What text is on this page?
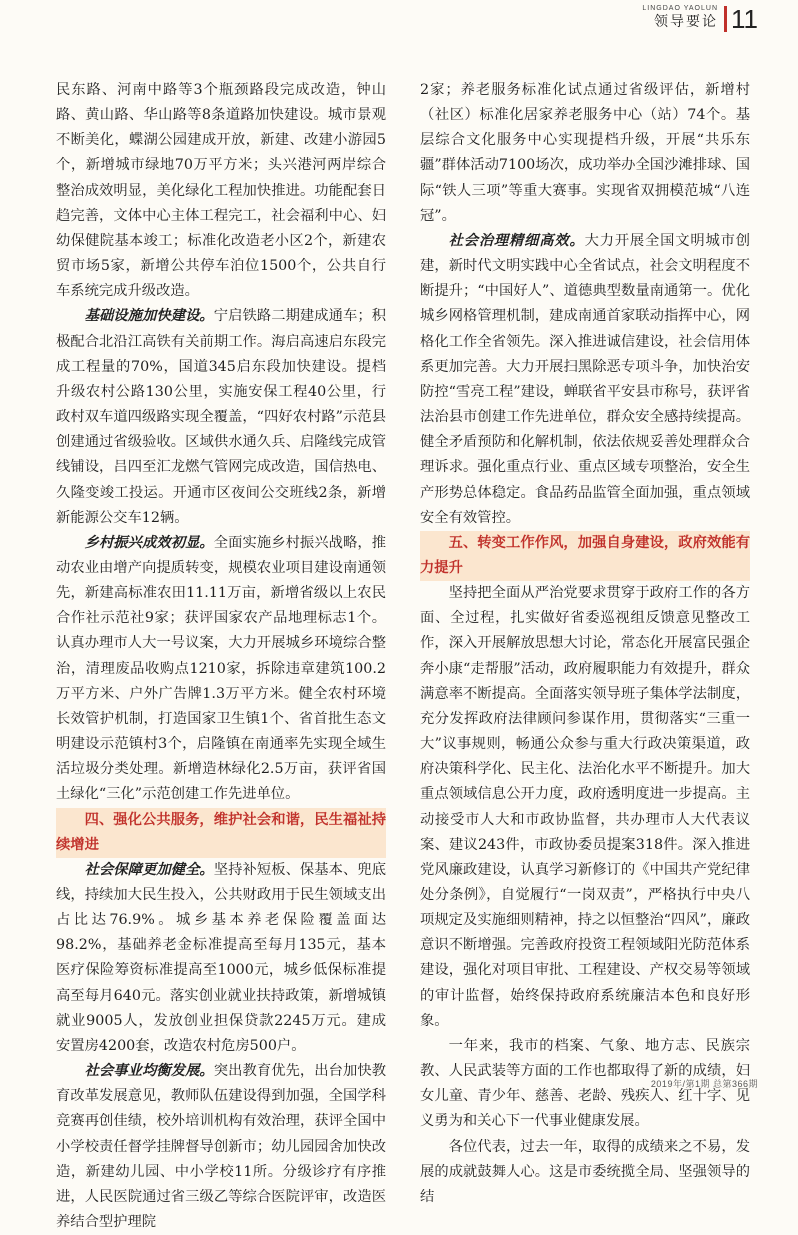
LINGDAO YAOLUN
领导要论 11

民东路、河南中路等3个瓶颈路段完成改造，钟山路、黄山路、华山路等8条道路加快建设。城市景观不断美化，蝶湖公园建成开放，新建、改建小游园5个，新增城市绿地70万平方米；头兴港河两岸综合整治成效明显，美化绿化工程加快推进。功能配套日趋完善，文体中心主体工程完工，社会福利中心、妇幼保健院基本竣工；标准化改造老小区2个，新建农贸市场5家，新增公共停车泊位1500个，公共自行车系统完成升级改造。

基础设施加快建设。宁启铁路二期建成通车；积极配合北沿江高铁有关前期工作。海启高速启东段完成工程量的70%，国道345启东段加快建设。提档升级农村公路130公里，实施安保工程40公里，行政村双车道四级路实现全覆盖，“四好农村路”示范县创建通过省级验收。区域供水通久兵、启隆线完成管线铺设，吕四至汇龙燃气管网完成改造，国信热电、久隆变竣工投运。开通市区夜间公交班线2条，新增新能源公交车12辆。

乡村振兴成效初显。全面实施乡村振兴战略，推动农业由增产向提质转变，规模农业项目建设南通领先，新建高标准农田11.11万亩，新增省级以上农民合作社示范社9家；获评国家农产品地理标志1个。认真办理市人大一号议案，大力开展城乡环境综合整治，清理废品收购点1210家，拆除违章建筑100.2万平方米、户外广告牌1.3万平方米。健全农村环境长效管护机制，打造国家卫生镇1个、省首批生态文明建设示范镇村3个，启隆镇在南通率先实现全域生活垃圾分类处理。新增造林绿化2.5万亩，获评省国土绿化“三化”示范创建工作先进单位。

四、强化公共服务，维护社会和谐，民生福祉持续增进

社会保障更加健全。坚持补短板、保基本、兜底线，持续加大民生投入，公共财政用于民生领域支出占比达76.9%。城乡基本养老保险覆盖面达98.2%，基础养老金标准提高至每月135元，基本医疗保险筹资标准提高至1000元，城乡低保标准提高至每月640元。落实创业就业扶持政策，新增城镇就业9005人，发放创业担保贷款2245万元。建成安置房4200套，改造农村危房500户。

社会事业均衡发展。突出教育优先，出台加快教育改革发展意见，教师队伍建设得到加强，全国学科竞赛再创佳绩，校外培训机构有效治理，获评全国中小学校责任督学挂牌督导创新市；幼儿园园舍加快改造，新建幼儿园、中小学校11所。分级诊疗有序推进，人民医院通过省三级乙等综合医院评审，改造医养结合型护理院

2家；养老服务标准化试点通过省级评估，新增村（社区）标准化居家养老服务中心（站）74个。基层综合文化服务中心实现提档升级，开展“共乐东疆”群体活动7100场次，成功举办全国沙滩排球、国际“铁人三项”等重大赛事。实现省双拥模范城“八连冠”。

社会治理精细高效。大力开展全国文明城市创建，新时代文明实践中心全省试点，社会文明程度不断提升；“中国好人”、道德典型数量南通第一。优化城乡网格管理机制，建成南通首家联动指挥中心，网格化工作全省领先。深入推进诚信建设，社会信用体系更加完善。大力开展扫黑除恶专项斗争，加快治安防控“雪亮工程”建设，蝉联省平安县市称号，获评省法治县市创建工作先进单位，群众安全感持续提高。健全矛盾预防和化解机制，依法依规妥善处理群众合理诉求。强化重点行业、重点区域专项整治，安全生产形势总体稳定。食品药品监管全面加强，重点领域安全有效管控。

五、转变工作作风，加强自身建设，政府效能有力提升

坚持把全面从严治党要求贯穿于政府工作的各方面、全过程，扎实做好省委巡视组反馈意见整改工作，深入开展解放思想大讨论，常态化开展富民强企奔小康“走帮服”活动，政府履职能力有效提升，群众满意率不断提高。全面落实领导班子集体学法制度，充分发挥政府法律顾问参谋作用，贯彻落实“三重一大”议事规则，畅通公众参与重大行政决策渠道，政府决策科学化、民主化、法治化水平不断提升。加大重点领域信息公开力度，政府透明度进一步提高。主动接受市人大和市政协监督，共办理市人大代表议案、建议243件，市政协委员提案318件。深入推进党风廉政建设，认真学习新修订的《中国共产党纪律处分条例》，自觉履行“一岗双责”，严格执行中央八项规定及实施细则精神，持之以恒整治“四风”，廉政意识不断增强。完善政府投资工程领域阳光防范体系建设，强化对项目审批、工程建设、产权交易等领域的审计监督，始终保持政府系统廉洁本色和良好形象。

一年来，我市的档案、气象、地方志、民族宗教、人民武装等方面的工作也都取得了新的成绩，妇女儿童、青少年、慈善、老龄、残疾人、红十字、见义勇为和关心下一代事业健康发展。

各位代表，过去一年，取得的成绩来之不易，发展的成就鼓舞人心。这是市委统揽全局、坚强领导的结

2019年/第1期 总第366期
